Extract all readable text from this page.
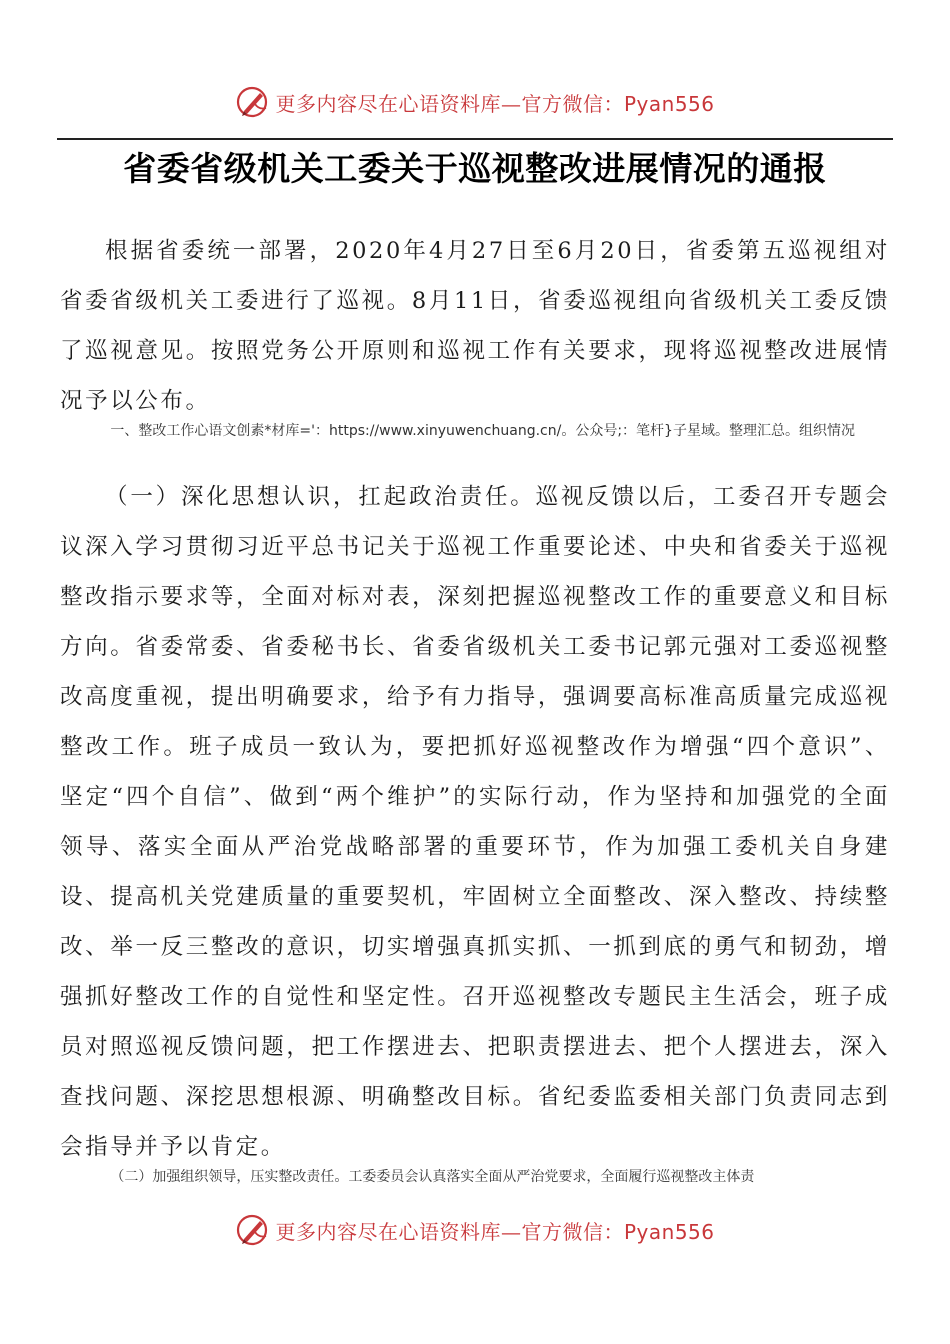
更多内容尽在心语资料库—官方微信：Pyan556
省委省级机关工委关于巡视整改进展情况的通报

根据省委统一部署，2020年4月27日至6月20日，省委第五巡视组对省委省级机关工委进行了巡视。8月11日，省委巡视组向省级机关工委反馈了巡视意见。按照党务公开原则和巡视工作有关要求，现将巡视整改进展情况予以公布。

一、整改工作心语文创素*材库='：https://www.xinyuwenchuang.cn/。公众号;：笔杆}子星域。整理汇总。组织情况

（一）深化思想认识，扛起政治责任。巡视反馈以后，工委召开专题会议深入学习贯彻习近平总书记关于巡视工作重要论述、中央和省委关于巡视整改指示要求等，全面对标对表，深刻把握巡视整改工作的重要意义和目标方向。省委常委、省委秘书长、省委省级机关工委书记郭元强对工委巡视整改高度重视，提出明确要求，给予有力指导，强调要高标准高质量完成巡视整改工作。班子成员一致认为，要把抓好巡视整改作为增强“四个意识”、坚定“四个自信”、做到“两个维护”的实际行动，作为坚持和加强党的全面领导、落实全面从严治党战略部署的重要环节，作为加强工委机关自身建设、提高机关党建质量的重要契机，牢固树立全面整改、深入整改、持续整改、举一反三整改的意识，切实增强真抓实抓、一抓到底的勇气和韧劲，增强抓好整改工作的自觉性和坚定性。召开巡视整改专题民主生活会，班子成员对照巡视反馈问题，把工作摆进去、把职责摆进去、把个人摆进去，深入查找问题、深挖思想根源、明确整改目标。省纪委监委相关部门负责同志到会指导并予以肯定。

（二）加强组织领导，压实整改责任。工委委员会认真落实全面从严治党要求，全面履行巡视整改主体责

更多内容尽在心语资料库—官方微信：Pyan556
